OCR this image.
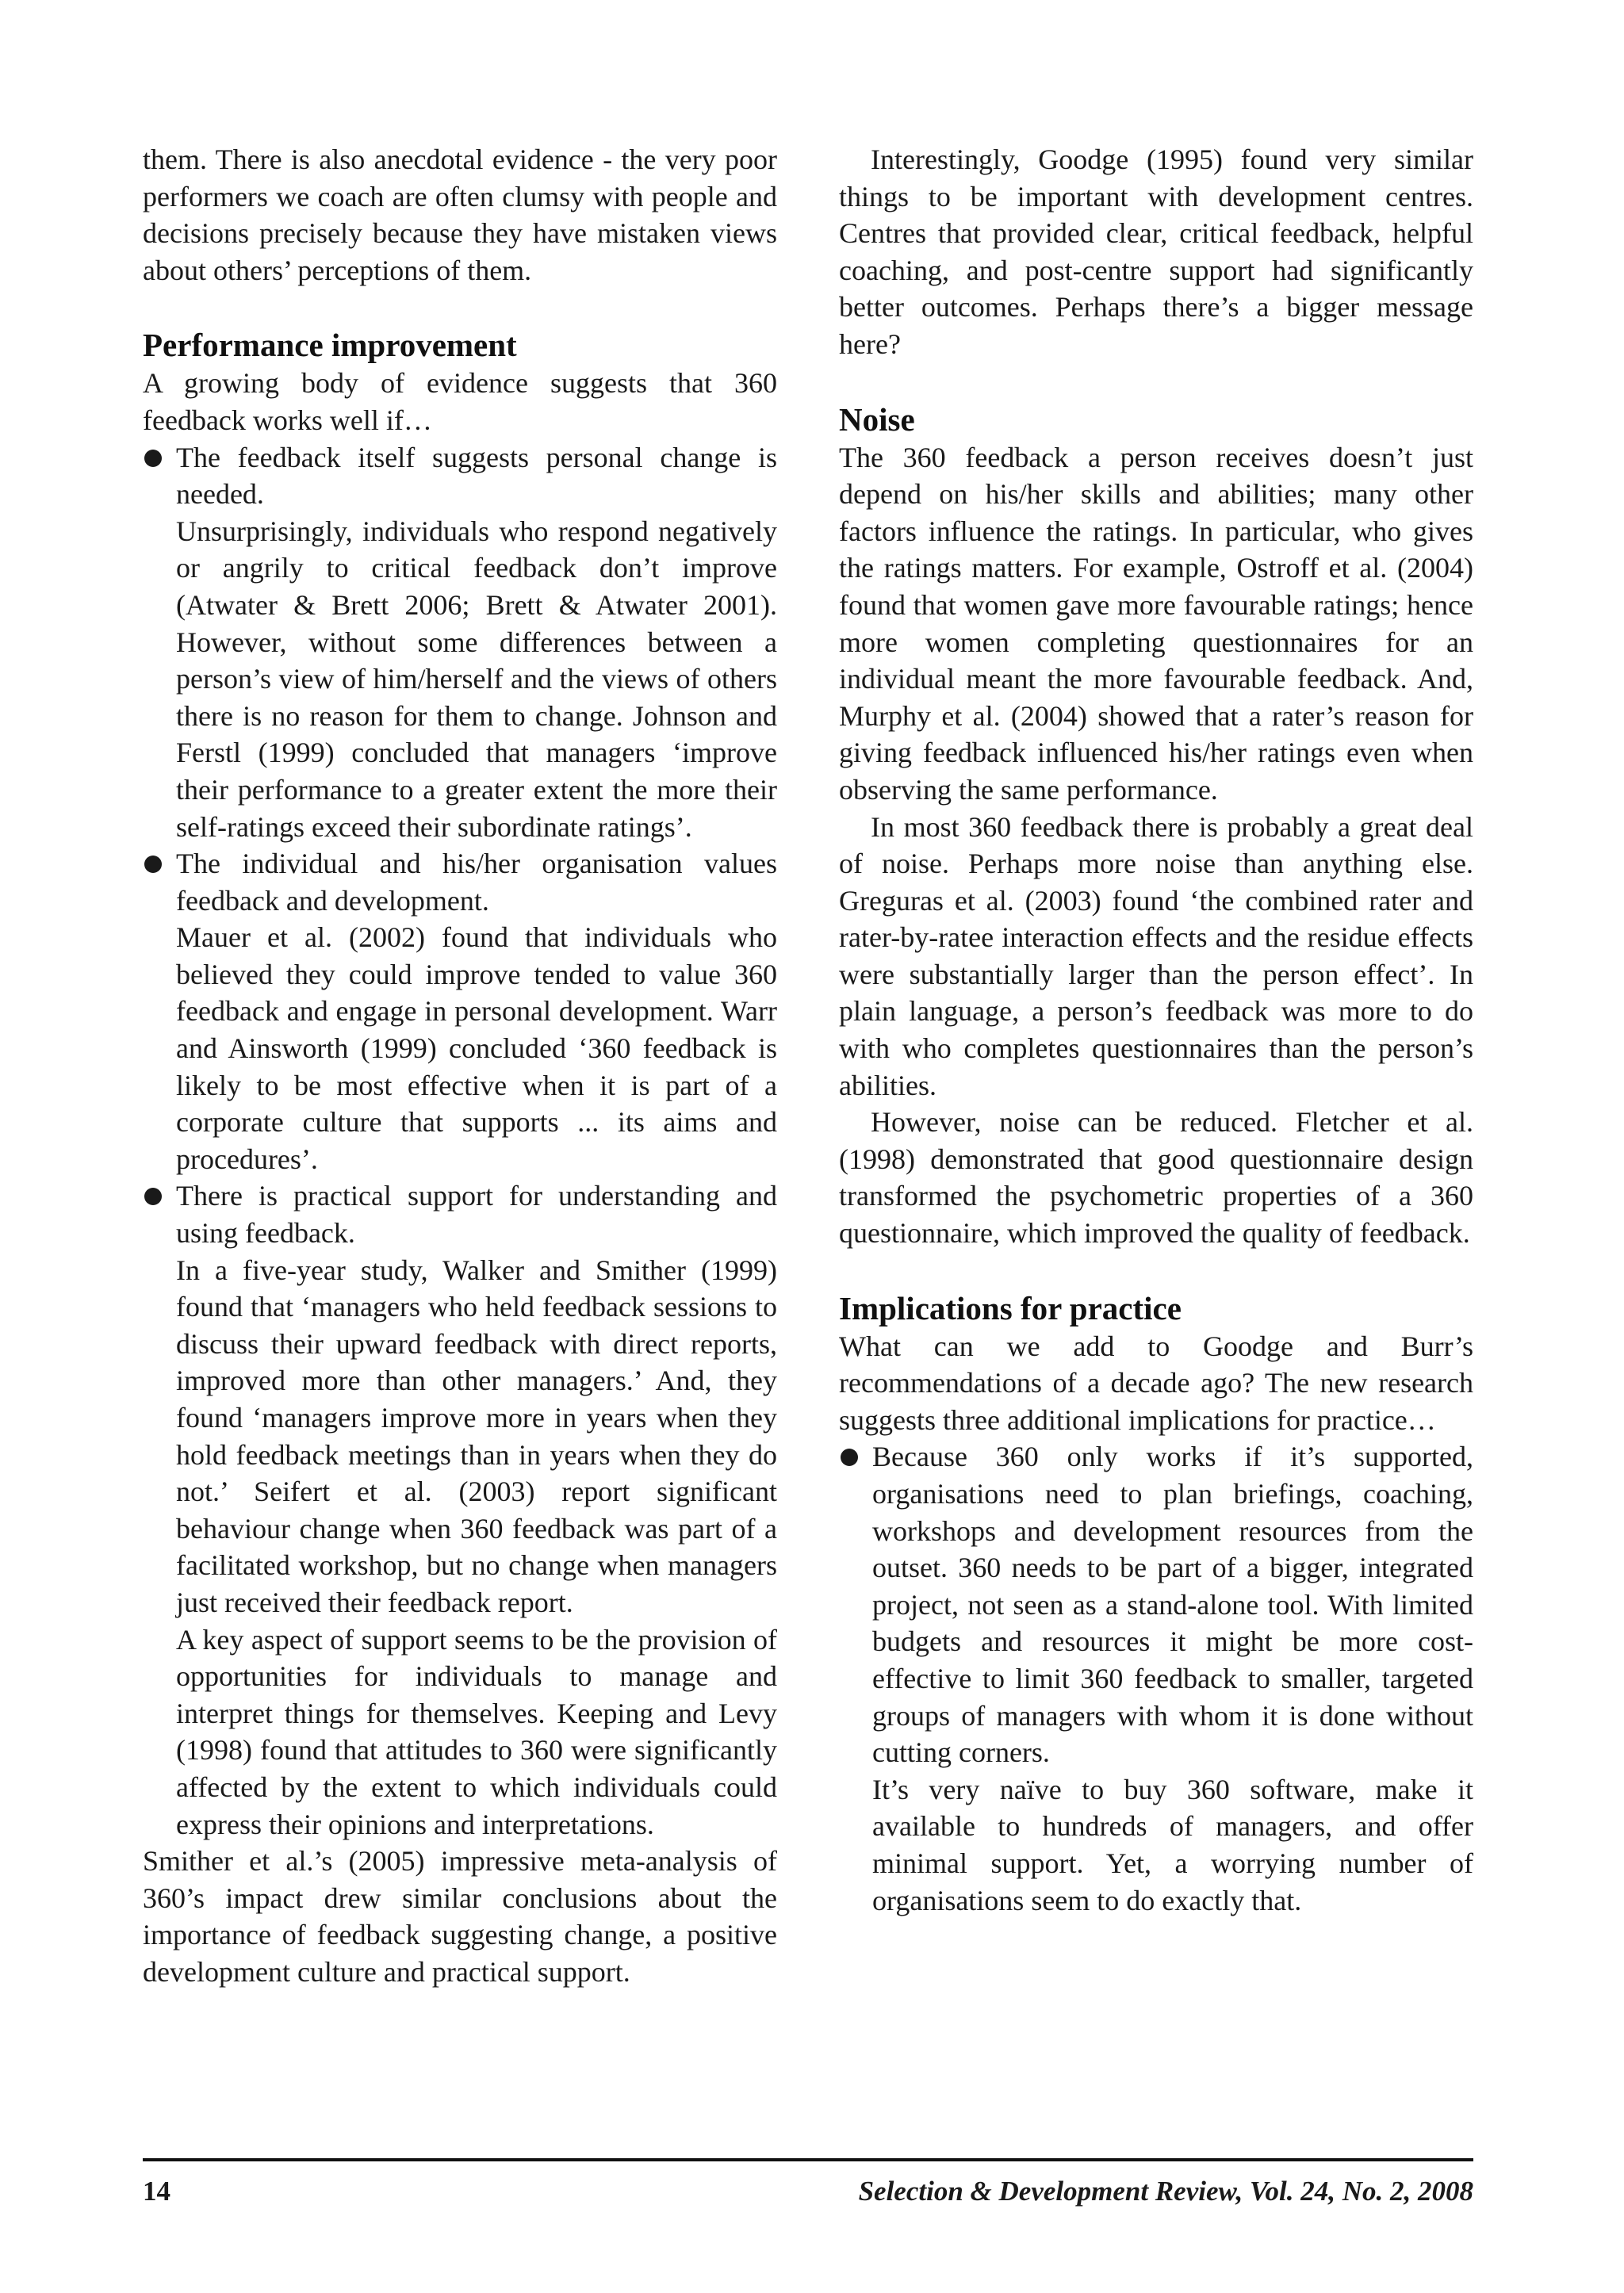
them. There is also anecdotal evidence - the very poor performers we coach are often clumsy with people and decisions precisely because they have mistaken views about others’ perceptions of them.

Performance improvement

A growing body of evidence suggests that 360 feedback works well if…

The feedback itself suggests personal change is needed.

Unsurprisingly, individuals who respond negatively or angrily to critical feedback don’t improve (Atwater & Brett 2006; Brett & Atwater 2001). However, without some differences between a person’s view of him/herself and the views of others there is no reason for them to change. Johnson and Ferstl (1999) concluded that managers ‘improve their performance to a greater extent the more their self-ratings exceed their subordinate ratings’.

The individual and his/her organisation values feedback and development.

Mauer et al. (2002) found that individuals who believed they could improve tended to value 360 feedback and engage in personal development. Warr and Ainsworth (1999) concluded ‘360 feedback is likely to be most effective when it is part of a corporate culture that supports ... its aims and procedures’.

There is practical support for understanding and using feedback.

In a five-year study, Walker and Smither (1999) found that ‘managers who held feedback sessions to discuss their upward feedback with direct reports, improved more than other managers.’ And, they found ‘managers improve more in years when they hold feedback meetings than in years when they do not.’ Seifert et al. (2003) report significant behaviour change when 360 feedback was part of a facilitated workshop, but no change when managers just received their feedback report.

A key aspect of support seems to be the provision of opportunities for individuals to manage and interpret things for themselves. Keeping and Levy (1998) found that attitudes to 360 were significantly affected by the extent to which individuals could express their opinions and interpretations.

Smither et al.’s (2005) impressive meta-analysis of 360’s impact drew similar conclusions about the importance of feedback suggesting change, a positive development culture and practical support.

Interestingly, Goodge (1995) found very similar things to be important with development centres. Centres that provided clear, critical feedback, helpful coaching, and post-centre support had significantly better outcomes. Perhaps there’s a bigger message here?

Noise

The 360 feedback a person receives doesn’t just depend on his/her skills and abilities; many other factors influence the ratings. In particular, who gives the ratings matters. For example, Ostroff et al. (2004) found that women gave more favourable ratings; hence more women completing questionnaires for an individual meant the more favourable feedback. And, Murphy et al. (2004) showed that a rater’s reason for giving feedback influenced his/her ratings even when observing the same performance.

In most 360 feedback there is probably a great deal of noise. Perhaps more noise than anything else. Greguras et al. (2003) found ‘the combined rater and rater-by-ratee interaction effects and the residue effects were substantially larger than the person effect’. In plain language, a person’s feedback was more to do with who completes questionnaires than the person’s abilities.

However, noise can be reduced. Fletcher et al. (1998) demonstrated that good questionnaire design transformed the psychometric properties of a 360 questionnaire, which improved the quality of feedback.

Implications for practice

What can we add to Goodge and Burr’s recommendations of a decade ago? The new research suggests three additional implications for practice…

Because 360 only works if it’s supported, organisations need to plan briefings, coaching, workshops and development resources from the outset. 360 needs to be part of a bigger, integrated project, not seen as a stand-alone tool. With limited budgets and resources it might be more cost-effective to limit 360 feedback to smaller, targeted groups of managers with whom it is done without cutting corners.

It’s very naïve to buy 360 software, make it available to hundreds of managers, and offer minimal support. Yet, a worrying number of organisations seem to do exactly that.

14	Selection & Development Review, Vol. 24, No. 2, 2008
